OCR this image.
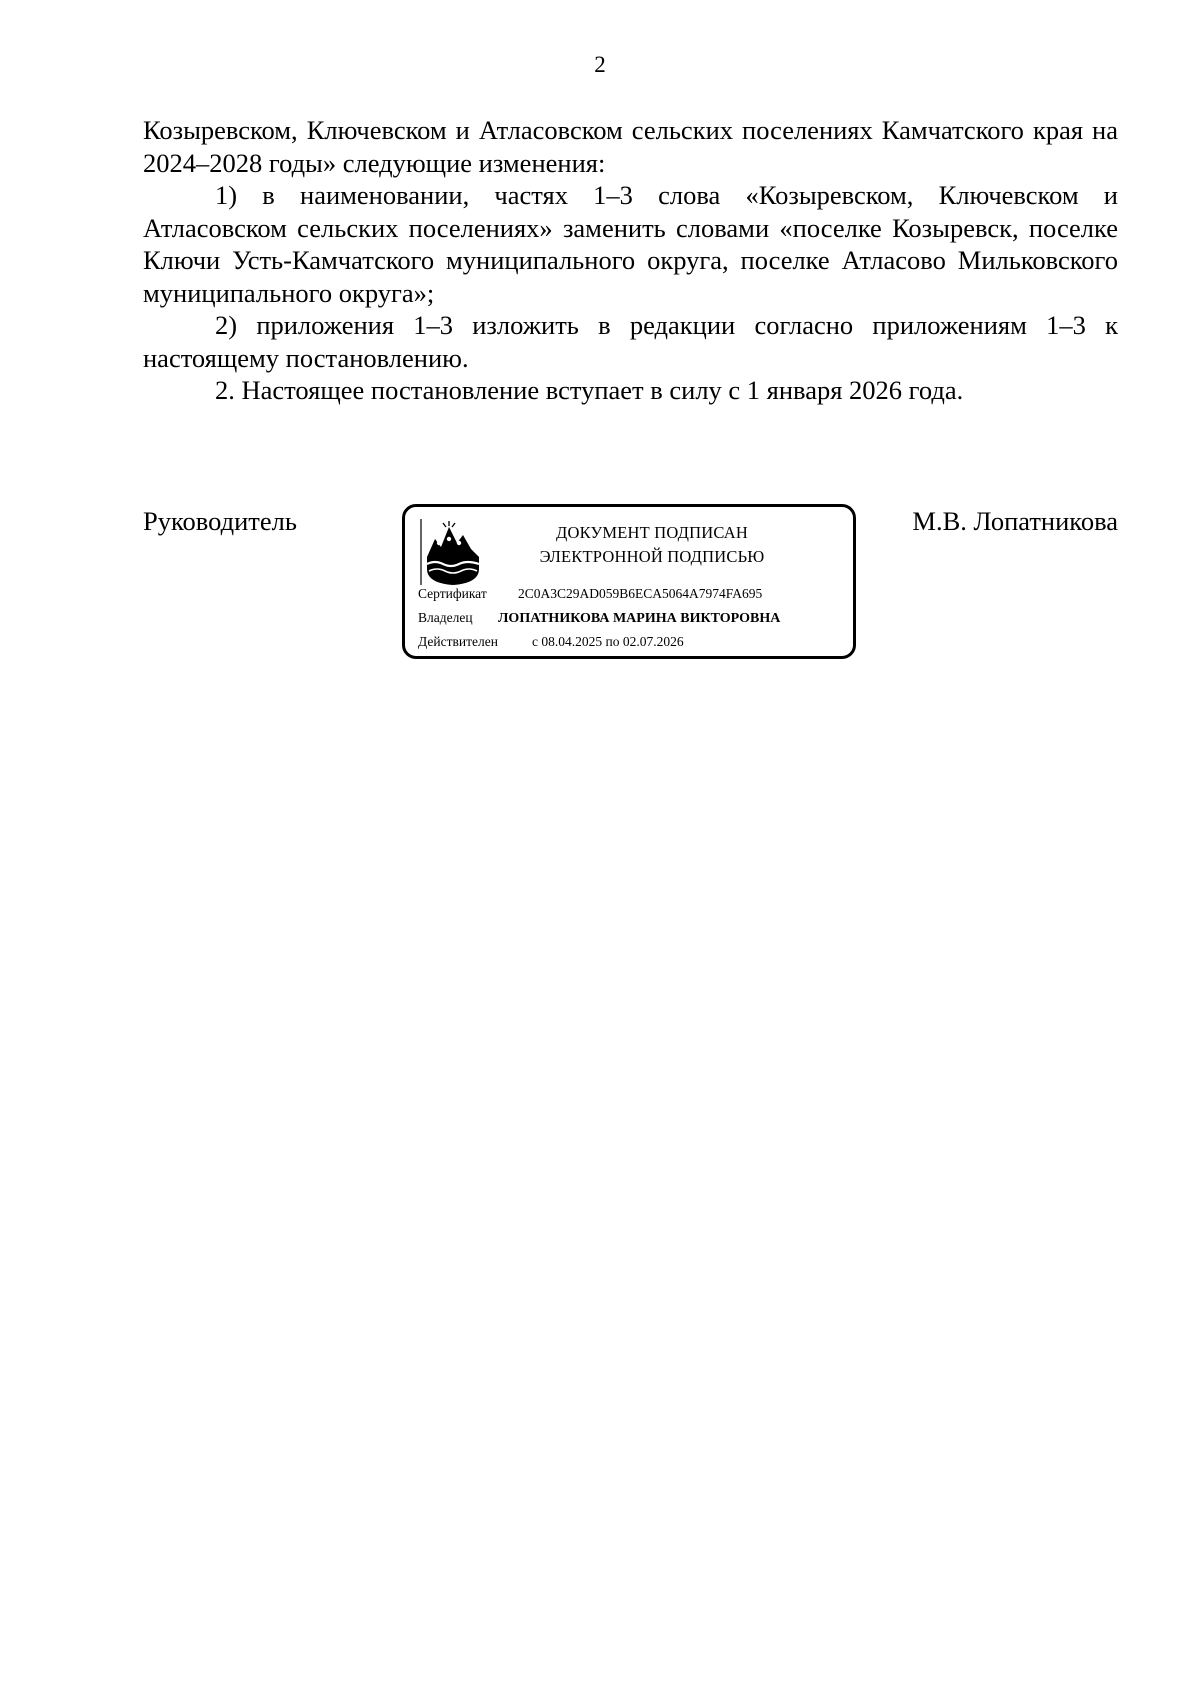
2

Козыревском, Ключевском и Атласовском сельских поселениях Камчатского края на 2024–2028 годы» следующие изменения:

1) в наименовании, частях 1–3 слова «Козыревском, Ключевском и Атласовском сельских поселениях» заменить словами «поселке Козыревск, поселке Ключи Усть-Камчатского муниципального округа, поселке Атласово Мильковского муниципального округа»;

2) приложения 1–3 изложить в редакции согласно приложениям 1–3 к настоящему постановлению.

2. Настоящее постановление вступает в силу с 1 января 2026 года.

Руководитель	М.В. Лопатникова
ДОКУМЕНТ ПОДПИСАН
ЭЛЕКТРОННОЙ ПОДПИСЬЮ
Сертификат 2C0A3C29AD059B6ECA5064A7974FA695
Владелец ЛОПАТНИКОВА МАРИНА ВИКТОРОВНА
Действителен	с 08.04.2025 по 02.07.2026
